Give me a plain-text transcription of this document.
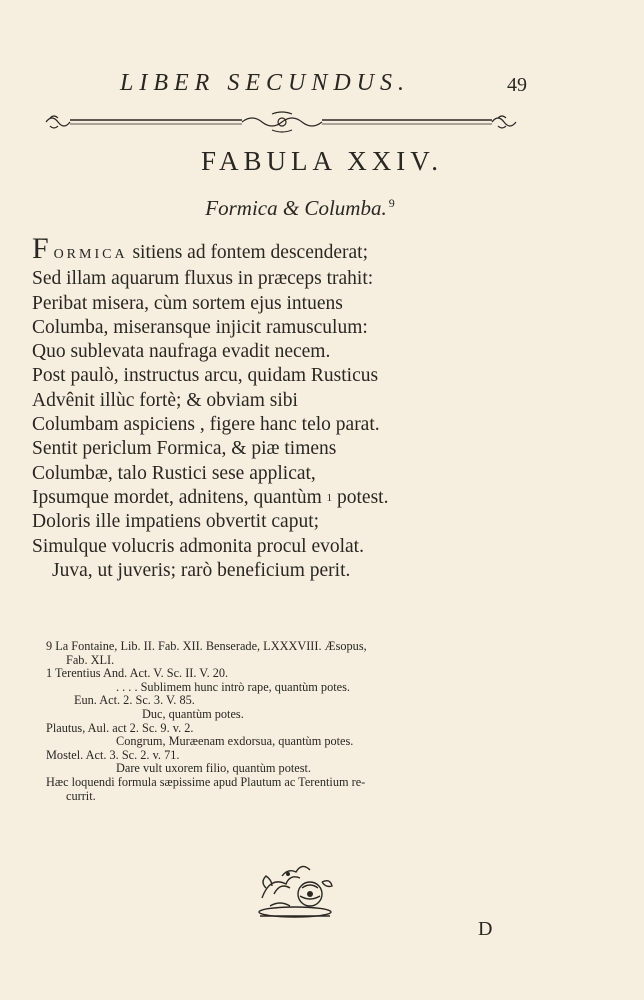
LIBER SECUNDUS.	49
FABULA XXIV.
Formica & Columba. $^9$
F ORMICA sitiens ad fontem descenderat;
Sed illam aquarum fluxus in præceps trahit:
Peribat misera, cùm sortem ejus intuens
Columba, miseransque injicit ramusculum:
Quo sublevata naufraga evadit necem.
Post paulò, instructus arcu, quidam Rusticus
Advênit illùc fortè; & obviam sibi
Columbam aspiciens , figere hanc telo parat.
Sentit periclum Formica, & piæ timens
Columbæ, talo Rustici sese applicat,
Ipsumque mordet, adnitens, quantùm $^1$ potest.
Doloris ille impatiens obvertit caput;
Simulque volucris admonita procul evolat.
Juva, ut juveris; rarò beneficium perit.
9 La Fontaine, Lib. II. Fab. XII. Benserade, LXXXVIII. Æsopus,
Fab. XLI.
1 Terentius And. Act. V. Sc. II. V. 20.
. . . . Sublimem hunc intrò rape, quantùm potes.
Eun. Act. 2. Sc. 3. V. 85.
Duc, quantùm potes.
Plautus, Aul. act 2. Sc. 9. v. 2.
Congrum, Muræenam exdorsua, quantùm potes.
Mostel. Act. 3. Sc. 2. v. 71.
Dare vult uxorem filio, quantùm potest.
Hæc loquendi formula sæpissime apud Plautum ac Terentium re-
currit.
D
